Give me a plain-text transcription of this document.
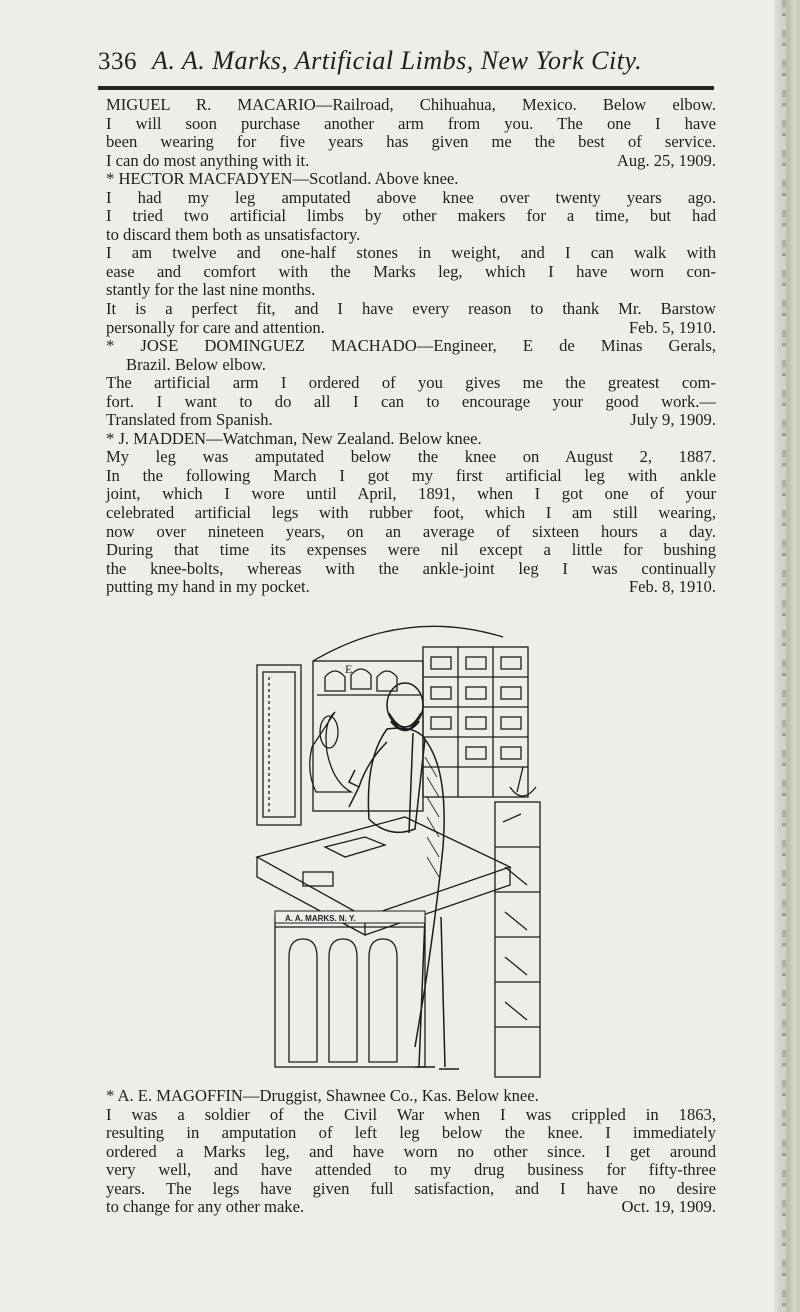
336 A. A. Marks, Artificial Limbs, New York City.
MIGUEL R. MACARIO—Railroad, Chihuahua, Mexico. Below elbow.
I will soon purchase another arm from you. The one I have
been wearing for five years has given me the best of service.
I can do most anything with it.	Aug. 25, 1909.
* HECTOR MACFADYEN—Scotland. Above knee.
I had my leg amputated above knee over twenty years ago.
I tried two artificial limbs by other makers for a time, but had
to discard them both as unsatisfactory.
I am twelve and one-half stones in weight, and I can walk with
ease and comfort with the Marks leg, which I have worn con-
stantly for the last nine months.
It is a perfect fit, and I have every reason to thank Mr. Barstow
personally for care and attention.	Feb. 5, 1910.
* JOSE DOMINGUEZ MACHADO—Engineer, E de Minas Gerals,
Brazil. Below elbow.
The artificial arm I ordered of you gives me the greatest com-
fort. I want to do all I can to encourage your good work.—
Translated from Spanish.	July 9, 1909.
* J. MADDEN—Watchman, New Zealand. Below knee.
My leg was amputated below the knee on August 2, 1887.
In the following March I got my first artificial leg with ankle
joint, which I wore until April, 1891, when I got one of your
celebrated artificial legs with rubber foot, which I am still wearing,
now over nineteen years, on an average of sixteen hours a day.
During that time its expenses were nil except a little for bushing
the knee-bolts, whereas with the ankle-joint leg I was continually
putting my hand in my pocket.	Feb. 8, 1910.
E
A. A. MARKS. N. Y.
* A. E. MAGOFFIN—Druggist, Shawnee Co., Kas. Below knee.
I was a soldier of the Civil War when I was crippled in 1863,
resulting in amputation of left leg below the knee. I immediately
ordered a Marks leg, and have worn no other since. I get around
very well, and have attended to my drug business for fifty-three
years. The legs have given full satisfaction, and I have no desire
to change for any other make.	Oct. 19, 1909.
